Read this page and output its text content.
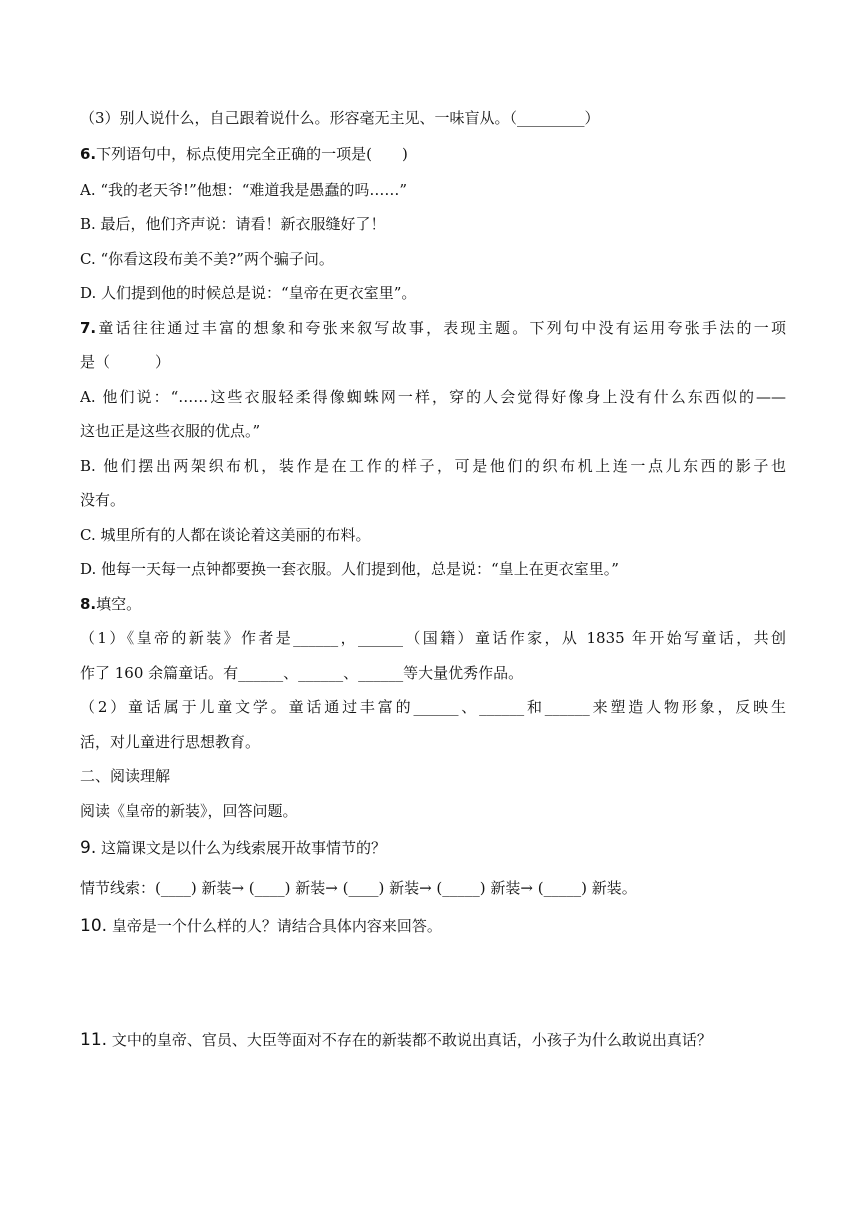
（3）别人说什么，自己跟着说什么。形容毫无主见、一味盲从。（_________）
6.下列语句中，标点使用完全正确的一项是(　　)
A. “我的老天爷!”他想：“难道我是愚蠢的吗……”
B. 最后，他们齐声说：请看！新衣服缝好了！
C. “你看这段布美不美?”两个骗子问。
D. 人们提到他的时候总是说：“皇帝在更衣室里”。
7.童话往往通过丰富的想象和夸张来叙写故事，表现主题。下列句中没有运用夸张手法的一项
是（　　　）
A. 他们说：“……这些衣服轻柔得像蜘蛛网一样，穿的人会觉得好像身上没有什么东西似的——
这也正是这些衣服的优点。”
B. 他们摆出两架织布机，装作是在工作的样子，可是他们的织布机上连一点儿东西的影子也
没有。
C. 城里所有的人都在谈论着这美丽的布料。
D. 他每一天每一点钟都要换一套衣服。人们提到他，总是说：“皇上在更衣室里。”
8.填空。
（1）《皇帝的新装》作者是______，______（国籍）童话作家，从 1835 年开始写童话，共创
作了 160 余篇童话。有______、______、______等大量优秀作品。
（2）童话属于儿童文学。童话通过丰富的______、______和______来塑造人物形象，反映生
活，对儿童进行思想教育。
二、阅读理解
阅读《皇帝的新装》，回答问题。
9. 这篇课文是以什么为线索展开故事情节的？
情节线索：(____) 新装→ (____) 新装→ (____) 新装→ (_____) 新装→ (_____) 新装。
10. 皇帝是一个什么样的人？请结合具体内容来回答。
11. 文中的皇帝、官员、大臣等面对不存在的新装都不敢说出真话，小孩子为什么敢说出真话？
